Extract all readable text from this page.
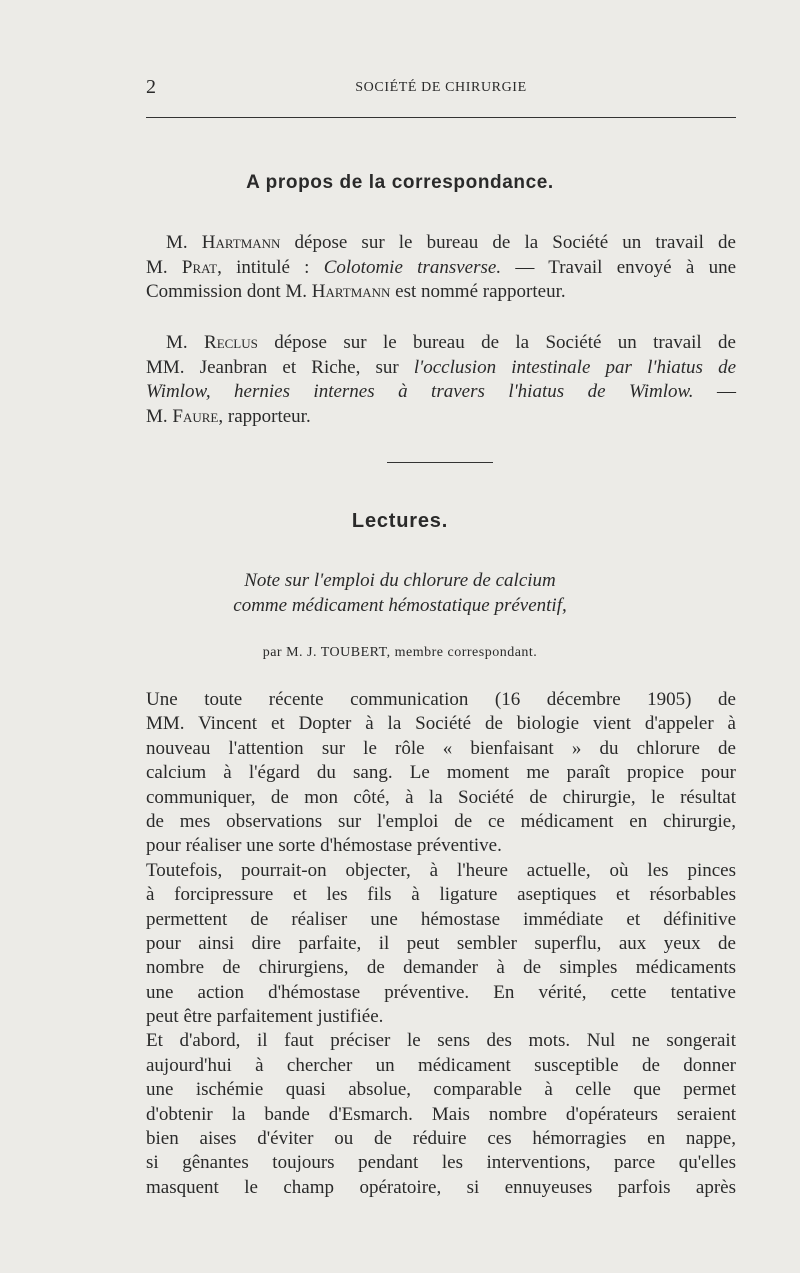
2	SOCIÉTÉ DE CHIRURGIE
A propos de la correspondance.
M. Hartmann dépose sur le bureau de la Société un travail de
M. Prat, intitulé : Colotomie transverse. — Travail envoyé à une
Commission dont M. Hartmann est nommé rapporteur.
M. Reclus dépose sur le bureau de la Société un travail de
MM. Jeanbran et Riche, sur l'occlusion intestinale par l'hiatus de
Wimlow, hernies internes à travers l'hiatus de Wimlow. —
M. Faure, rapporteur.
Lectures.
Note sur l'emploi du chlorure de calcium
comme médicament hémostatique préventif,
par M. J. TOUBERT, membre correspondant.
Une toute récente communication (16 décembre 1905) de
MM. Vincent et Dopter à la Société de biologie vient d'appeler à
nouveau l'attention sur le rôle « bienfaisant » du chlorure de
calcium à l'égard du sang. Le moment me paraît propice pour
communiquer, de mon côté, à la Société de chirurgie, le résultat
de mes observations sur l'emploi de ce médicament en chirurgie,
pour réaliser une sorte d'hémostase préventive.
Toutefois, pourrait-on objecter, à l'heure actuelle, où les pinces
à forcipressure et les fils à ligature aseptiques et résorbables
permettent de réaliser une hémostase immédiate et définitive
pour ainsi dire parfaite, il peut sembler superflu, aux yeux de
nombre de chirurgiens, de demander à de simples médicaments
une action d'hémostase préventive. En vérité, cette tentative
peut être parfaitement justifiée.
Et d'abord, il faut préciser le sens des mots. Nul ne songerait
aujourd'hui à chercher un médicament susceptible de donner
une ischémie quasi absolue, comparable à celle que permet
d'obtenir la bande d'Esmarch. Mais nombre d'opérateurs seraient
bien aises d'éviter ou de réduire ces hémorragies en nappe,
si gênantes toujours pendant les interventions, parce qu'elles
masquent le champ opératoire, si ennuyeuses parfois après
